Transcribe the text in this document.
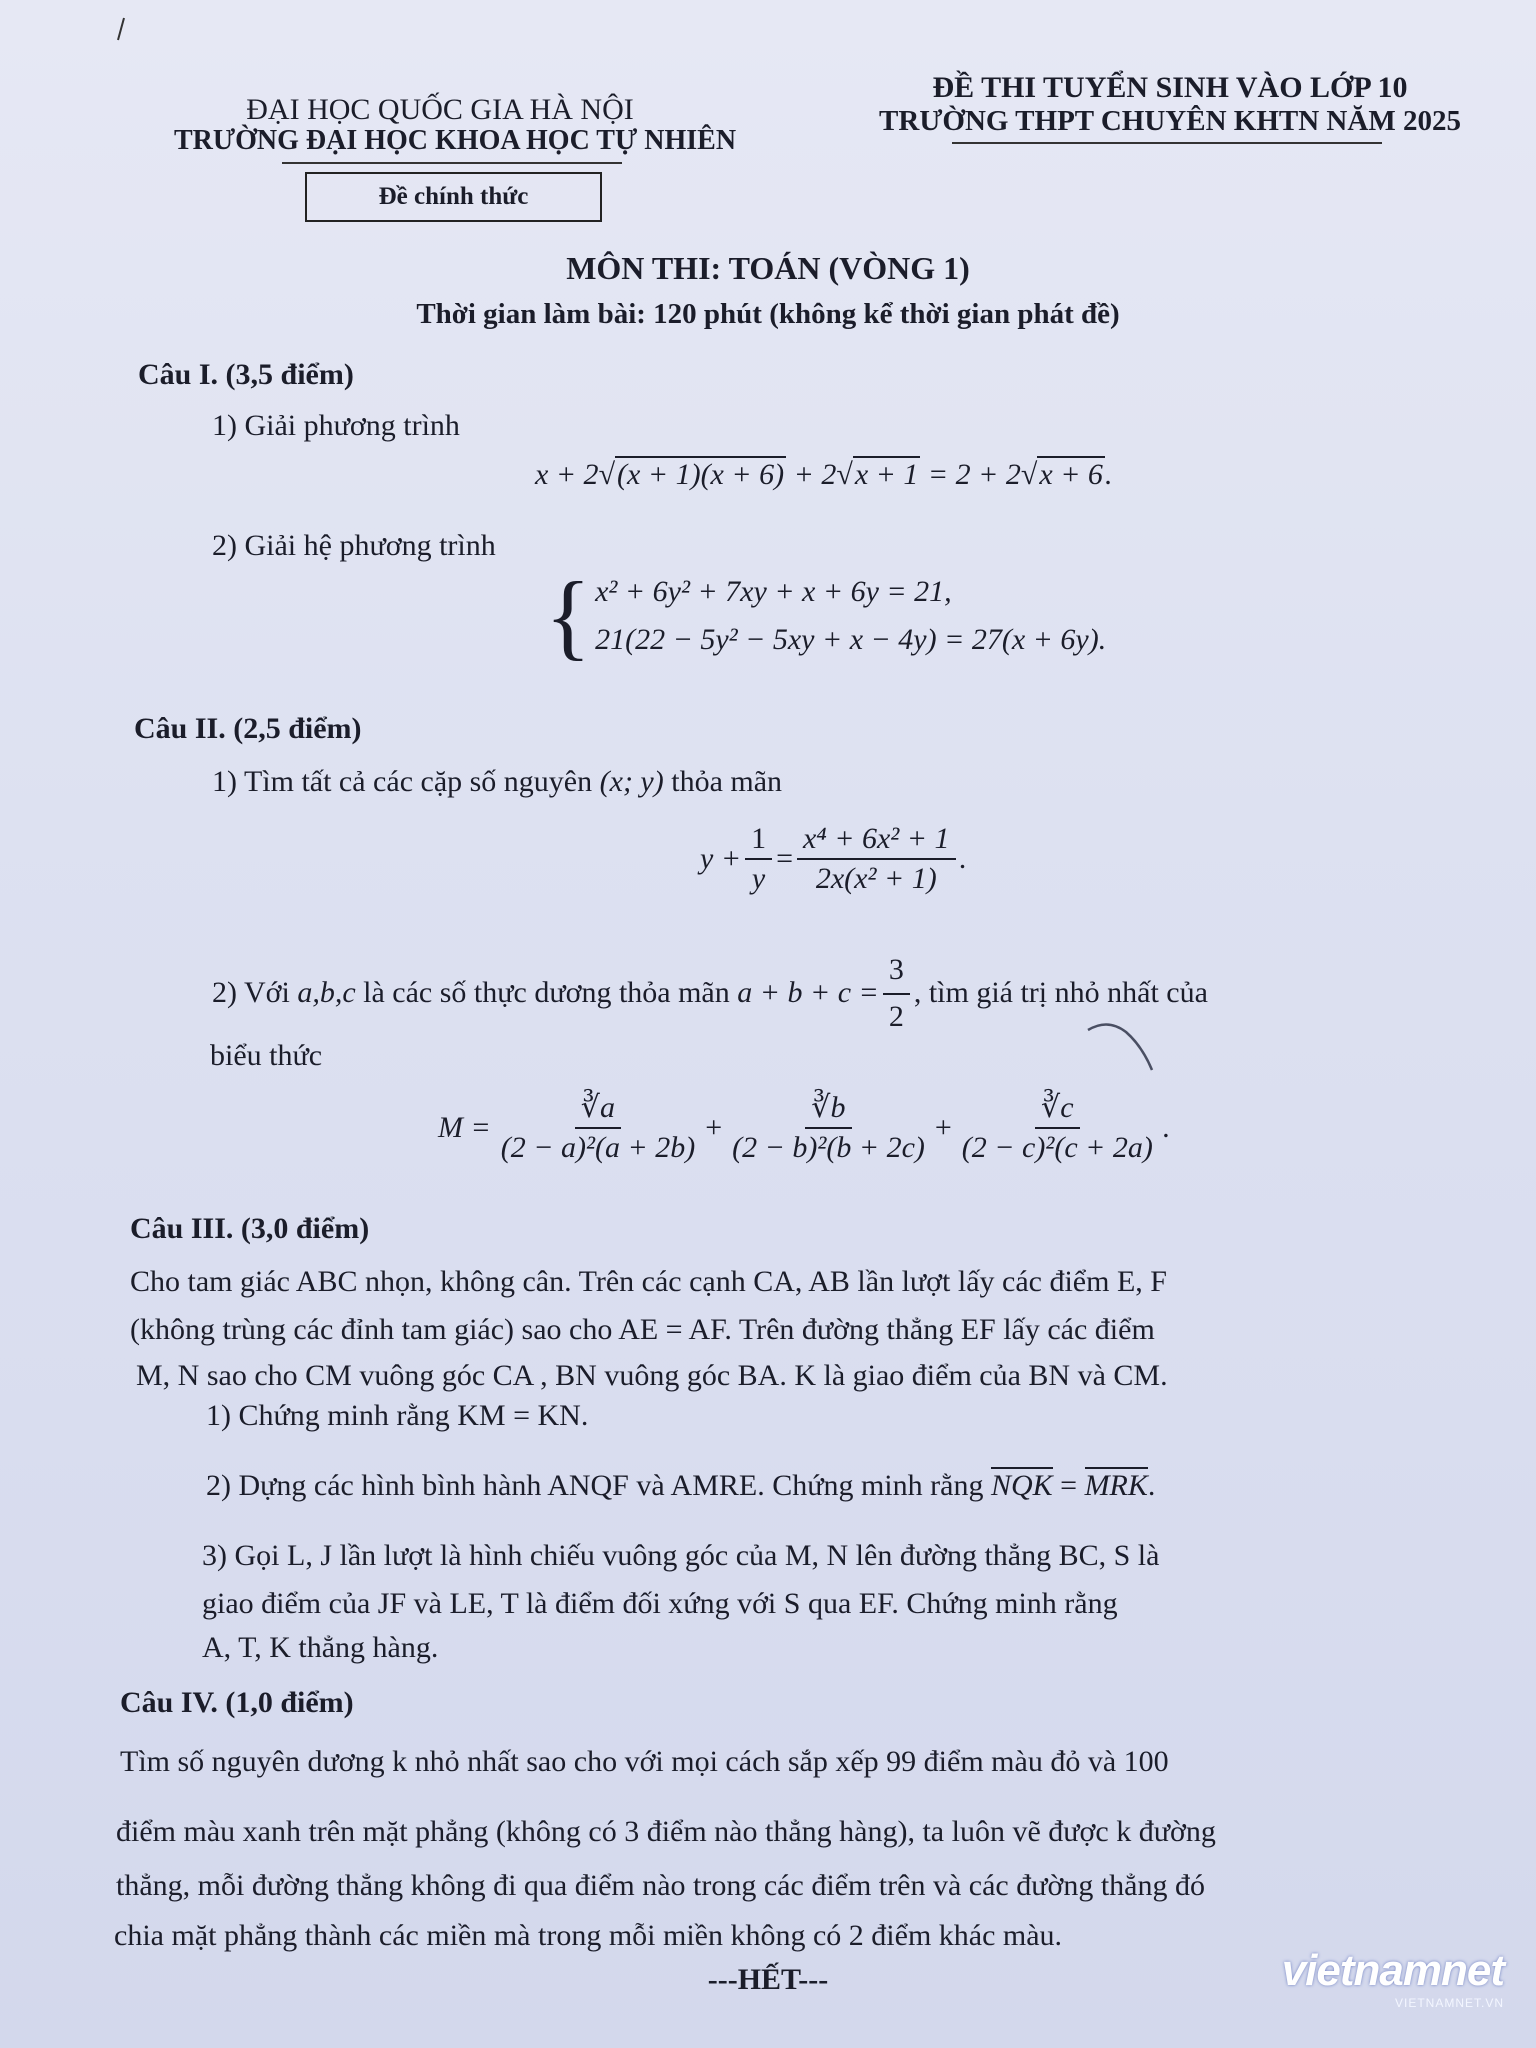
ĐẠI HỌC QUỐC GIA HÀ NỘI
TRƯỜNG ĐẠI HỌC KHOA HỌC TỰ NHIÊN
Đề chính thức
ĐỀ THI TUYỂN SINH VÀO LỚP 10
TRƯỜNG THPT CHUYÊN KHTN NĂM 2025
MÔN THI: TOÁN (VÒNG 1)
Thời gian làm bài: 120 phút (không kể thời gian phát đề)
Câu I. (3,5 điểm)
1) Giải phương trình
x + 2√(x + 1)(x + 6) + 2√x + 1 = 2 + 2√x + 6.
2) Giải hệ phương trình
{ x² + 6y² + 7xy + x + 6y = 21,
21(22 − 5y² − 5xy + x − 4y) = 27(x + 6y).
Câu II. (2,5 điểm)
1) Tìm tất cả các cặp số nguyên (x; y) thỏa mãn
$y + \frac{1}{y} = \frac{\text{x⁴ + 6x² + 1}}{\text{2x(x² + 1)}}$ .
2) Với
a,b,c
là các số thực dương thỏa mãn
$a + b + c = \frac{3}{2}$ , tìm giá trị nhỏ nhất của
biểu thức
$M = \frac{∛a}{\text{(2 − a)²(a + 2b)}} + \frac{∛b}{\text{(2 − b)²(b + 2c)}} + \frac{∛c}{\text{(2 − c)²(c + 2a)}}$ .
Câu III. (3,0 điểm)
Cho tam giác ABC nhọn, không cân. Trên các cạnh CA, AB lần lượt lấy các điểm E, F
(không trùng các đỉnh tam giác) sao cho AE = AF. Trên đường thẳng EF lấy các điểm
M, N sao cho CM vuông góc CA , BN vuông góc BA. K là giao điểm của BN và CM.
1) Chứng minh rằng KM = KN.
2) Dựng các hình bình hành ANQF và AMRE. Chứng minh rằng NQK = MRK.
3) Gọi L, J lần lượt là hình chiếu vuông góc của M, N lên đường thẳng BC, S là
giao điểm của JF và LE, T là điểm đối xứng với S qua EF. Chứng minh rằng
A, T, K thẳng hàng.
Câu IV. (1,0 điểm)
Tìm số nguyên dương k nhỏ nhất sao cho với mọi cách sắp xếp 99 điểm màu đỏ và 100
điểm màu xanh trên mặt phẳng (không có 3 điểm nào thẳng hàng), ta luôn vẽ được k đường
thẳng, mỗi đường thẳng không đi qua điểm nào trong các điểm trên và các đường thẳng đó
chia mặt phẳng thành các miền mà trong mỗi miền không có 2 điểm khác màu.
---HẾT---	vietnamnet
VIETNAMNET.VN
